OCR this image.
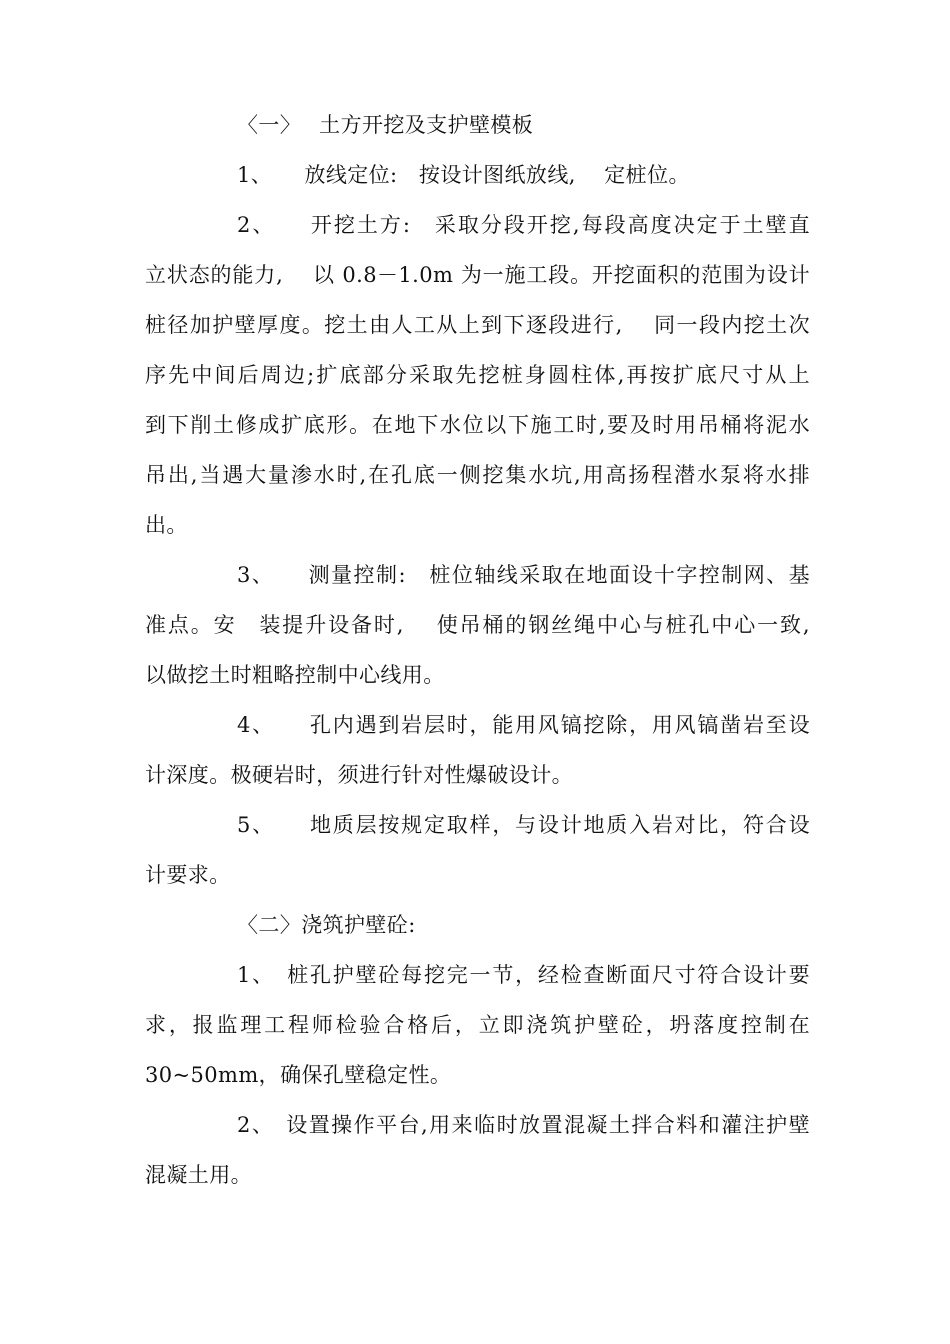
〈一〉　 土方开挖及支护壁模板
1、　　放线定位:　按设计图纸放线,　 定桩位。
2、　　开挖土方:　采取分段开挖,每段高度决定于土壁直
立状态的能力,　 以 0.8－1.0m 为一施工段。开挖面积的范围为设计
桩径加护壁厚度。挖土由人工从上到下逐段进行,　 同一段内挖土次
序先中间后周边;扩底部分采取先挖桩身圆柱体,再按扩底尺寸从上
到下削土修成扩底形。在地下水位以下施工时,要及时用吊桶将泥水
吊出,当遇大量渗水时,在孔底一侧挖集水坑,用高扬程潜水泵将水排
出。
3、　　测量控制:　桩位轴线采取在地面设十字控制网、基
准点。安　装提升设备时,　 使吊桶的钢丝绳中心与桩孔中心一致,
以做挖土时粗略控制中心线用。
4、　　孔内遇到岩层时，能用风镐挖除，用风镐凿岩至设
计深度。极硬岩时，须进行针对性爆破设计。
5、　　地质层按规定取样，与设计地质入岩对比，符合设
计要求。
〈二〉浇筑护壁砼:
1、　桩孔护壁砼每挖完一节，经检查断面尺寸符合设计要
求，报监理工程师检验合格后，立即浇筑护壁砼，坍落度控制在
30~50mm，确保孔壁稳定性。
2、　设置操作平台,用来临时放置混凝土拌合料和灌注护壁
混凝土用。
